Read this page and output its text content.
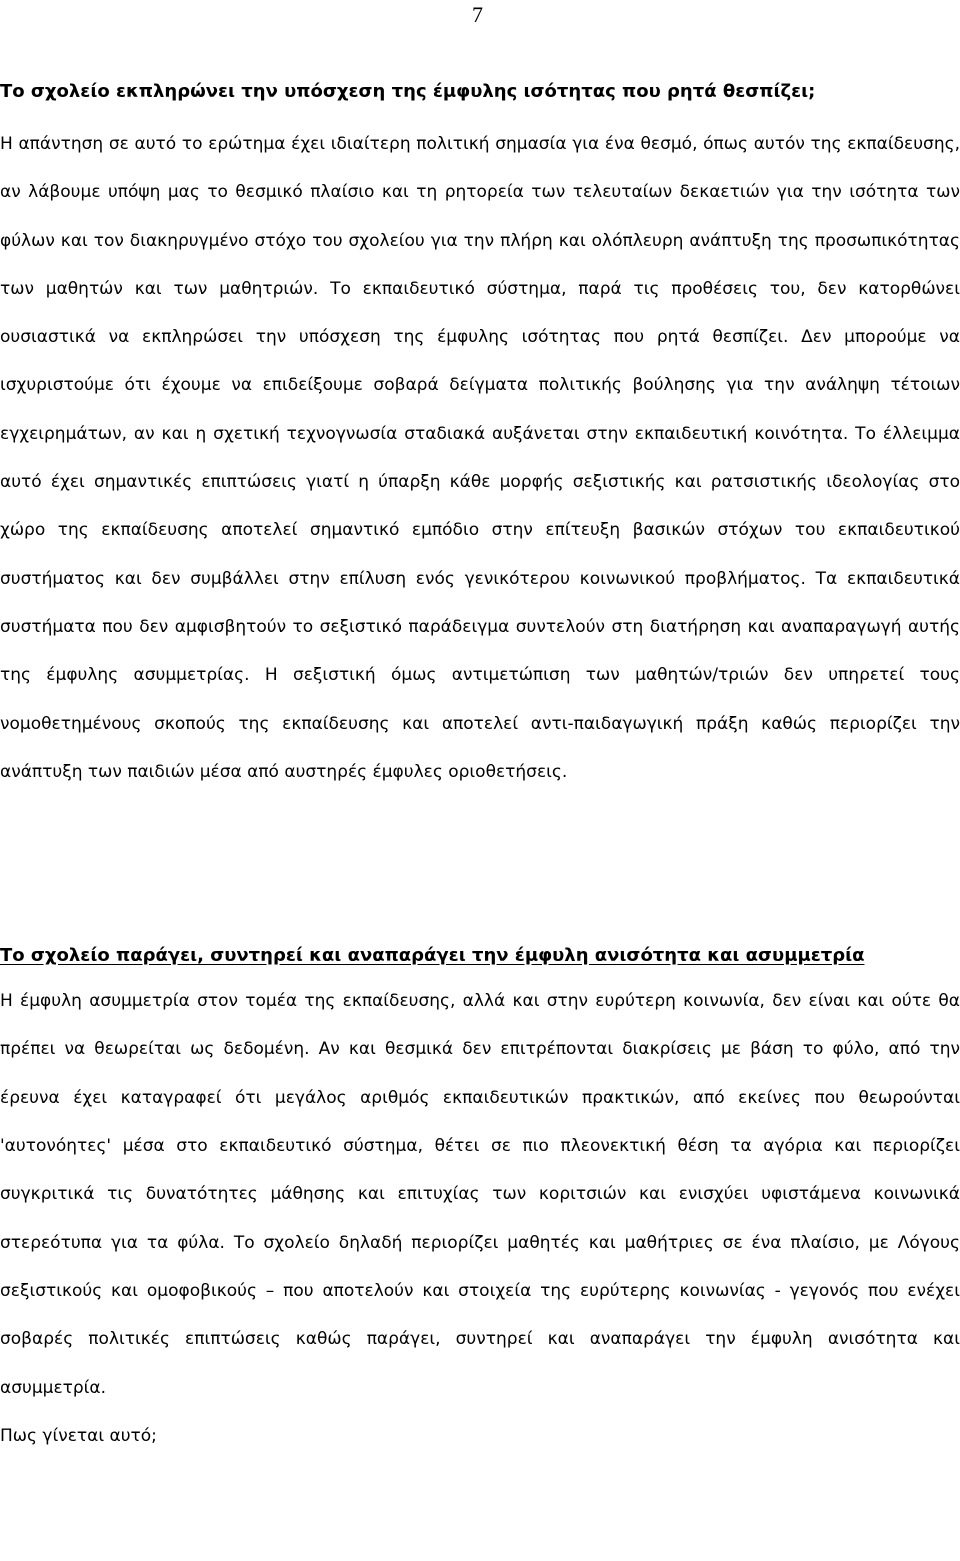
7

Το σχολείο εκπληρώνει την υπόσχεση της έμφυλης ισότητας που ρητά θεσπίζει;

Η απάντηση σε αυτό το ερώτημα έχει ιδιαίτερη πολιτική σημασία για ένα θεσμό, όπως αυτόν της εκπαίδευσης, αν λάβουμε υπόψη μας το θεσμικό πλαίσιο και τη ρητορεία των τελευταίων δεκαετιών για την ισότητα των φύλων και τον διακηρυγμένο στόχο του σχολείου για την πλήρη και ολόπλευρη ανάπτυξη της προσωπικότητας των μαθητών και των μαθητριών. Το εκπαιδευτικό σύστημα, παρά τις προθέσεις του, δεν κατορθώνει ουσιαστικά να εκπληρώσει την υπόσχεση της έμφυλης ισότητας που ρητά θεσπίζει. Δεν μπορούμε να ισχυριστούμε ότι έχουμε να επιδείξουμε σοβαρά δείγματα πολιτικής βούλησης για την ανάληψη τέτοιων εγχειρημάτων, αν και η σχετική τεχνογνωσία σταδιακά αυξάνεται στην εκπαιδευτική κοινότητα. Το έλλειμμα αυτό έχει σημαντικές επιπτώσεις γιατί η ύπαρξη κάθε μορφής σεξιστικής και ρατσιστικής ιδεολογίας στο χώρο της εκπαίδευσης αποτελεί σημαντικό εμπόδιο στην επίτευξη βασικών στόχων του εκπαιδευτικού συστήματος και δεν συμβάλλει στην επίλυση ενός γενικότερου κοινωνικού προβλήματος. Τα εκπαιδευτικά συστήματα που δεν αμφισβητούν το σεξιστικό παράδειγμα συντελούν στη διατήρηση και αναπαραγωγή αυτής της έμφυλης ασυμμετρίας. Η σεξιστική όμως αντιμετώπιση των μαθητών/τριών δεν υπηρετεί τους νομοθετημένους σκοπούς της εκπαίδευσης και αποτελεί αντι-παιδαγωγική πράξη καθώς περιορίζει την ανάπτυξη των παιδιών μέσα από αυστηρές έμφυλες οριοθετήσεις.

Το σχολείο παράγει, συντηρεί και αναπαράγει την έμφυλη ανισότητα και ασυμμετρία

Η έμφυλη ασυμμετρία στον τομέα της εκπαίδευσης, αλλά και στην ευρύτερη κοινωνία, δεν είναι και ούτε θα πρέπει να θεωρείται ως δεδομένη. Αν και θεσμικά δεν επιτρέπονται διακρίσεις με βάση το φύλο, από την έρευνα έχει καταγραφεί ότι μεγάλος αριθμός εκπαιδευτικών πρακτικών, από εκείνες που θεωρούνται 'αυτονόητες' μέσα στο εκπαιδευτικό σύστημα, θέτει σε πιο πλεονεκτική θέση τα αγόρια και περιορίζει συγκριτικά τις δυνατότητες μάθησης και επιτυχίας των κοριτσιών και ενισχύει υφιστάμενα κοινωνικά στερεότυπα για τα φύλα. Το σχολείο δηλαδή περιορίζει μαθητές και μαθήτριες σε ένα πλαίσιο, με Λόγους σεξιστικούς και ομοφοβικούς – που αποτελούν και στοιχεία της ευρύτερης κοινωνίας - γεγονός που ενέχει σοβαρές πολιτικές επιπτώσεις καθώς παράγει, συντηρεί και αναπαράγει την έμφυλη ανισότητα και ασυμμετρία.

Πως γίνεται αυτό;
